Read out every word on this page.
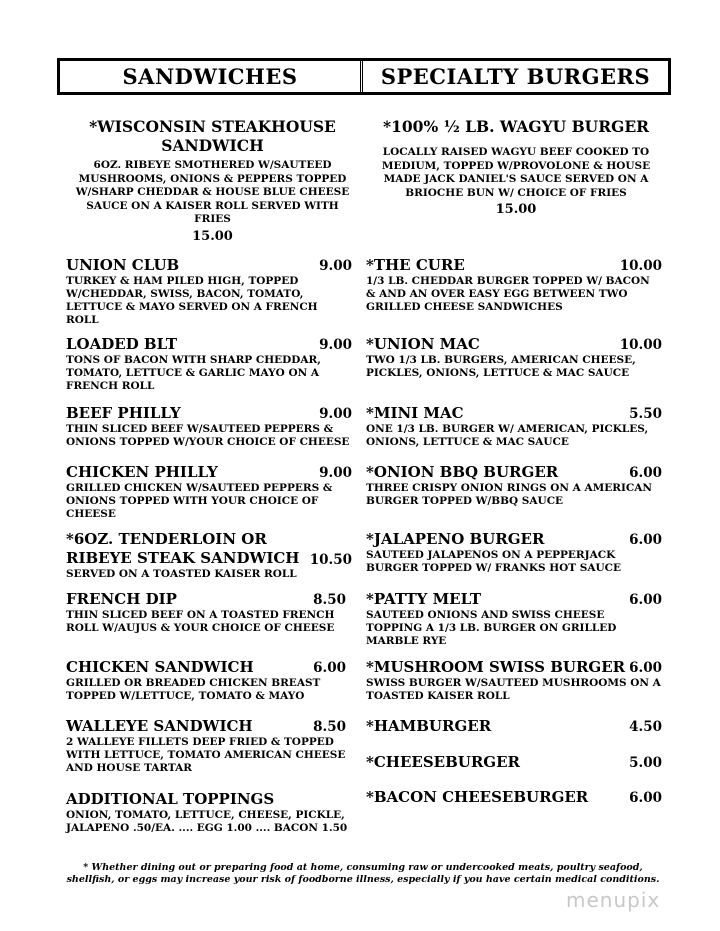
SANDWICHES	SPECIALTY BURGERS
*WISCONSIN STEAKHOUSE SANDWICH
6OZ. RIBEYE SMOTHERED W/SAUTEED MUSHROOMS, ONIONS & PEPPERS TOPPED W/SHARP CHEDDAR & HOUSE BLUE CHEESE SAUCE ON A KAISER ROLL SERVED WITH FRIES
15.00
*100% ½ LB. WAGYU BURGER
LOCALLY RAISED WAGYU BEEF COOKED TO MEDIUM, TOPPED W/PROVOLONE & HOUSE MADE JACK DANIEL'S SAUCE SERVED ON A BRIOCHE BUN W/ CHOICE OF FRIES
15.00
UNION CLUB	9.00
TURKEY & HAM PILED HIGH, TOPPED W/CHEDDAR, SWISS, BACON, TOMATO, LETTUCE & MAYO SERVED ON A FRENCH ROLL
LOADED BLT	9.00
TONS OF BACON WITH SHARP CHEDDAR, TOMATO, LETTUCE & GARLIC MAYO ON A FRENCH ROLL
BEEF PHILLY	9.00
THIN SLICED BEEF W/SAUTEED PEPPERS & ONIONS TOPPED W/YOUR CHOICE OF CHEESE
CHICKEN PHILLY	9.00
GRILLED CHICKEN W/SAUTEED PEPPERS & ONIONS TOPPED WITH YOUR CHOICE OF CHEESE
*6OZ. TENDERLOIN OR RIBEYE STEAK SANDWICH 10.50
SERVED ON A TOASTED KAISER ROLL
FRENCH DIP	8.50
THIN SLICED BEEF ON A TOASTED FRENCH ROLL W/AUJUS & YOUR CHOICE OF CHEESE
CHICKEN SANDWICH	6.00
GRILLED OR BREADED CHICKEN BREAST TOPPED W/LETTUCE, TOMATO & MAYO
WALLEYE SANDWICH	8.50
2 WALLEYE FILLETS DEEP FRIED & TOPPED WITH LETTUCE, TOMATO AMERICAN CHEESE AND HOUSE TARTAR
ADDITIONAL TOPPINGS
ONION, TOMATO, LETTUCE, CHEESE, PICKLE, JALAPENO .50/EA. .... EGG 1.00 .... BACON 1.50
*THE CURE	10.00
1/3 LB. CHEDDAR BURGER TOPPED W/ BACON & AND AN OVER EASY EGG BETWEEN TWO GRILLED CHEESE SANDWICHES
*UNION MAC	10.00
TWO 1/3 LB. BURGERS, AMERICAN CHEESE, PICKLES, ONIONS, LETTUCE & MAC SAUCE
*MINI MAC	5.50
ONE 1/3 LB. BURGER W/ AMERICAN, PICKLES, ONIONS, LETTUCE & MAC SAUCE
*ONION BBQ BURGER	6.00
THREE CRISPY ONION RINGS ON A AMERICAN BURGER TOPPED W/BBQ SAUCE
*JALAPENO BURGER	6.00
SAUTEED JALAPENOS ON A PEPPERJACK BURGER TOPPED W/ FRANKS HOT SAUCE
*PATTY MELT	6.00
SAUTEED ONIONS AND SWISS CHEESE TOPPING A 1/3 LB. BURGER ON GRILLED MARBLE RYE
*MUSHROOM SWISS BURGER 6.00
SWISS BURGER W/SAUTEED MUSHROOMS ON A TOASTED KAISER ROLL
*HAMBURGER	4.50
*CHEESEBURGER	5.00
*BACON CHEESEBURGER	6.00
* Whether dining out or preparing food at home, consuming raw or undercooked meats, poultry seafood, shellfish, or eggs may increase your risk of foodborne illness, especially if you have certain medical conditions.
menupix
